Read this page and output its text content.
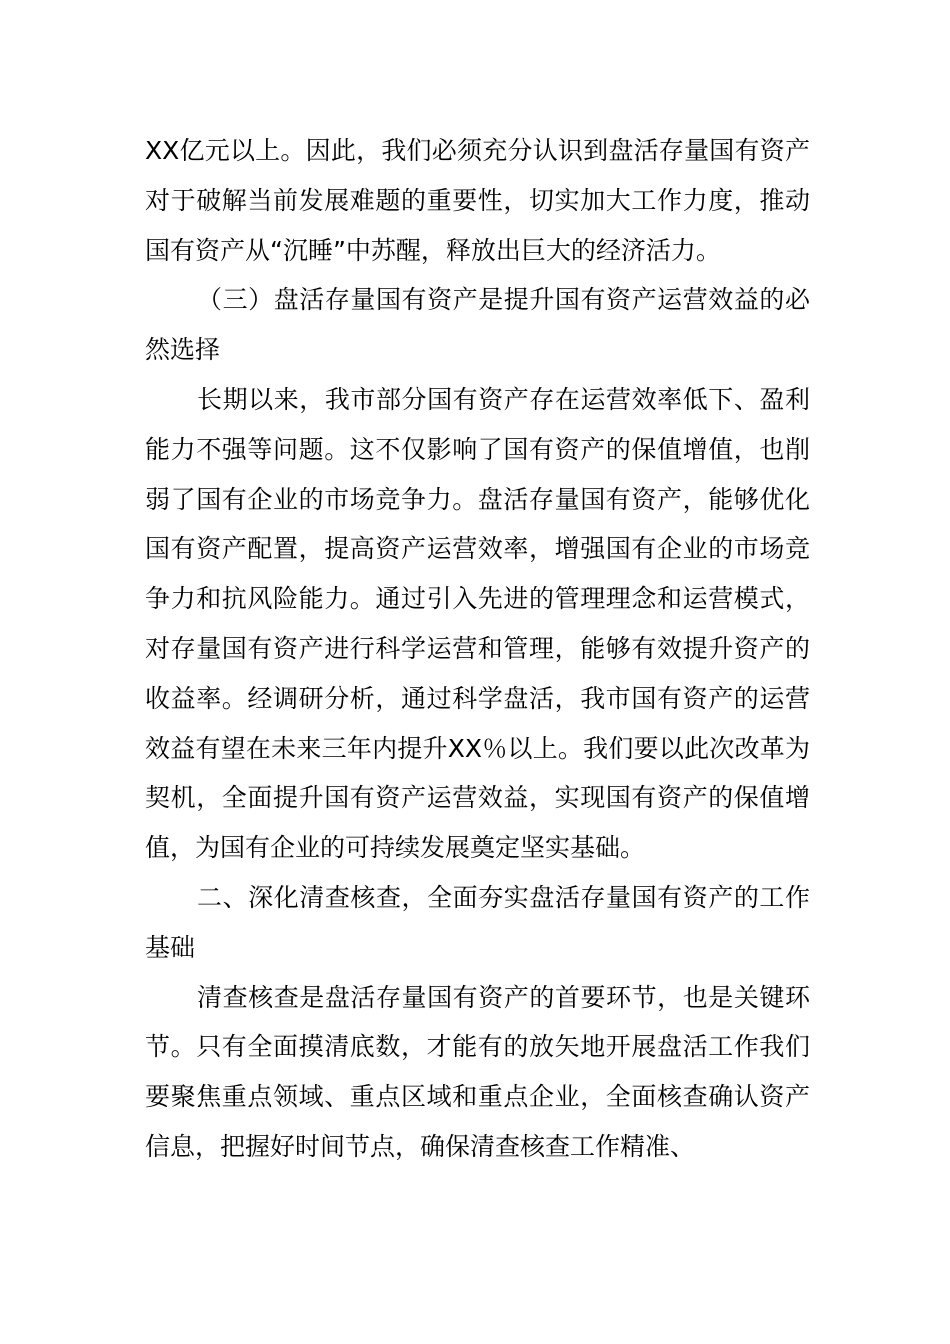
XX亿元以上。因此，我们必须充分认识到盘活存量国有资产对于破解当前发展难题的重要性，切实加大工作力度，推动国有资产从“沉睡”中苏醒，释放出巨大的经济活力。

（三）盘活存量国有资产是提升国有资产运营效益的必然选择

长期以来，我市部分国有资产存在运营效率低下、盈利能力不强等问题。这不仅影响了国有资产的保值增值，也削弱了国有企业的市场竞争力。盘活存量国有资产，能够优化国有资产配置，提高资产运营效率，增强国有企业的市场竞争力和抗风险能力。通过引入先进的管理理念和运营模式，对存量国有资产进行科学运营和管理，能够有效提升资产的收益率。经调研分析，通过科学盘活，我市国有资产的运营效益有望在未来三年内提升XX％以上。我们要以此次改革为契机，全面提升国有资产运营效益，实现国有资产的保值增值，为国有企业的可持续发展奠定坚实基础。

二、深化清查核查，全面夯实盘活存量国有资产的工作基础

清查核查是盘活存量国有资产的首要环节，也是关键环节。只有全面摸清底数，才能有的放矢地开展盘活工作我们要聚焦重点领域、重点区域和重点企业，全面核查确认资产信息，把握好时间节点，确保清查核查工作精准、
